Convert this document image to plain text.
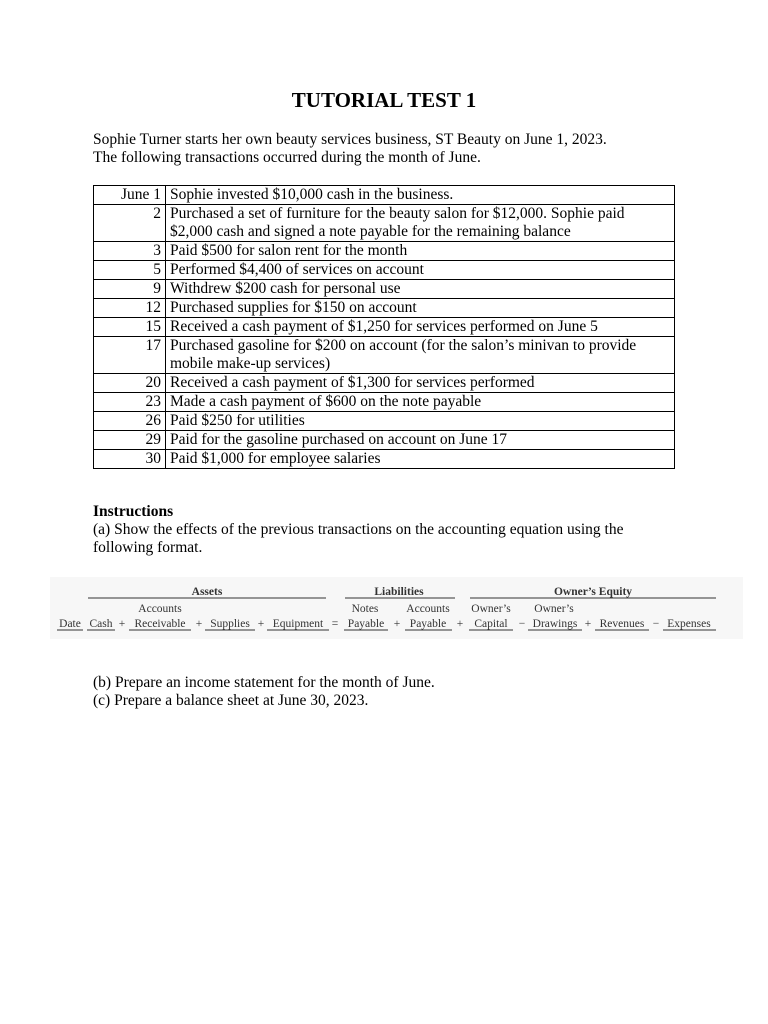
TUTORIAL TEST 1

Sophie Turner starts her own beauty services business, ST Beauty on June 1, 2023.

The following transactions occurred during the month of June.

June 1	Sophie invested $10,000 cash in the business.
2	Purchased a set of furniture for the beauty salon for $12,000. Sophie paid $2,000 cash and signed a note payable for the remaining balance
3	Paid $500 for salon rent for the month
5	Performed $4,400 of services on account
9	Withdrew $200 cash for personal use
12	Purchased supplies for $150 on account
15	Received a cash payment of $1,250 for services performed on June 5
17	Purchased gasoline for $200 on account (for the salon’s minivan to provide mobile make-up services)
20	Received a cash payment of $1,300 for services performed
23	Made a cash payment of $600 on the note payable
26	Paid $250 for utilities
29	Paid for the gasoline purchased on account on June 17
30	Paid $1,000 for employee salaries

Instructions

(a) Show the effects of the previous transactions on the accounting equation using the

following format.

Assets	Liabilities	Owner’s Equity
Accounts	Notes Accounts Owner’s Owner’s
Date Cash + Receivable + Supplies + Equipment = Payable + Payable + Capital − Drawings + Revenues − Expenses

(b) Prepare an income statement for the month of June.

(c) Prepare a balance sheet at June 30, 2023.
